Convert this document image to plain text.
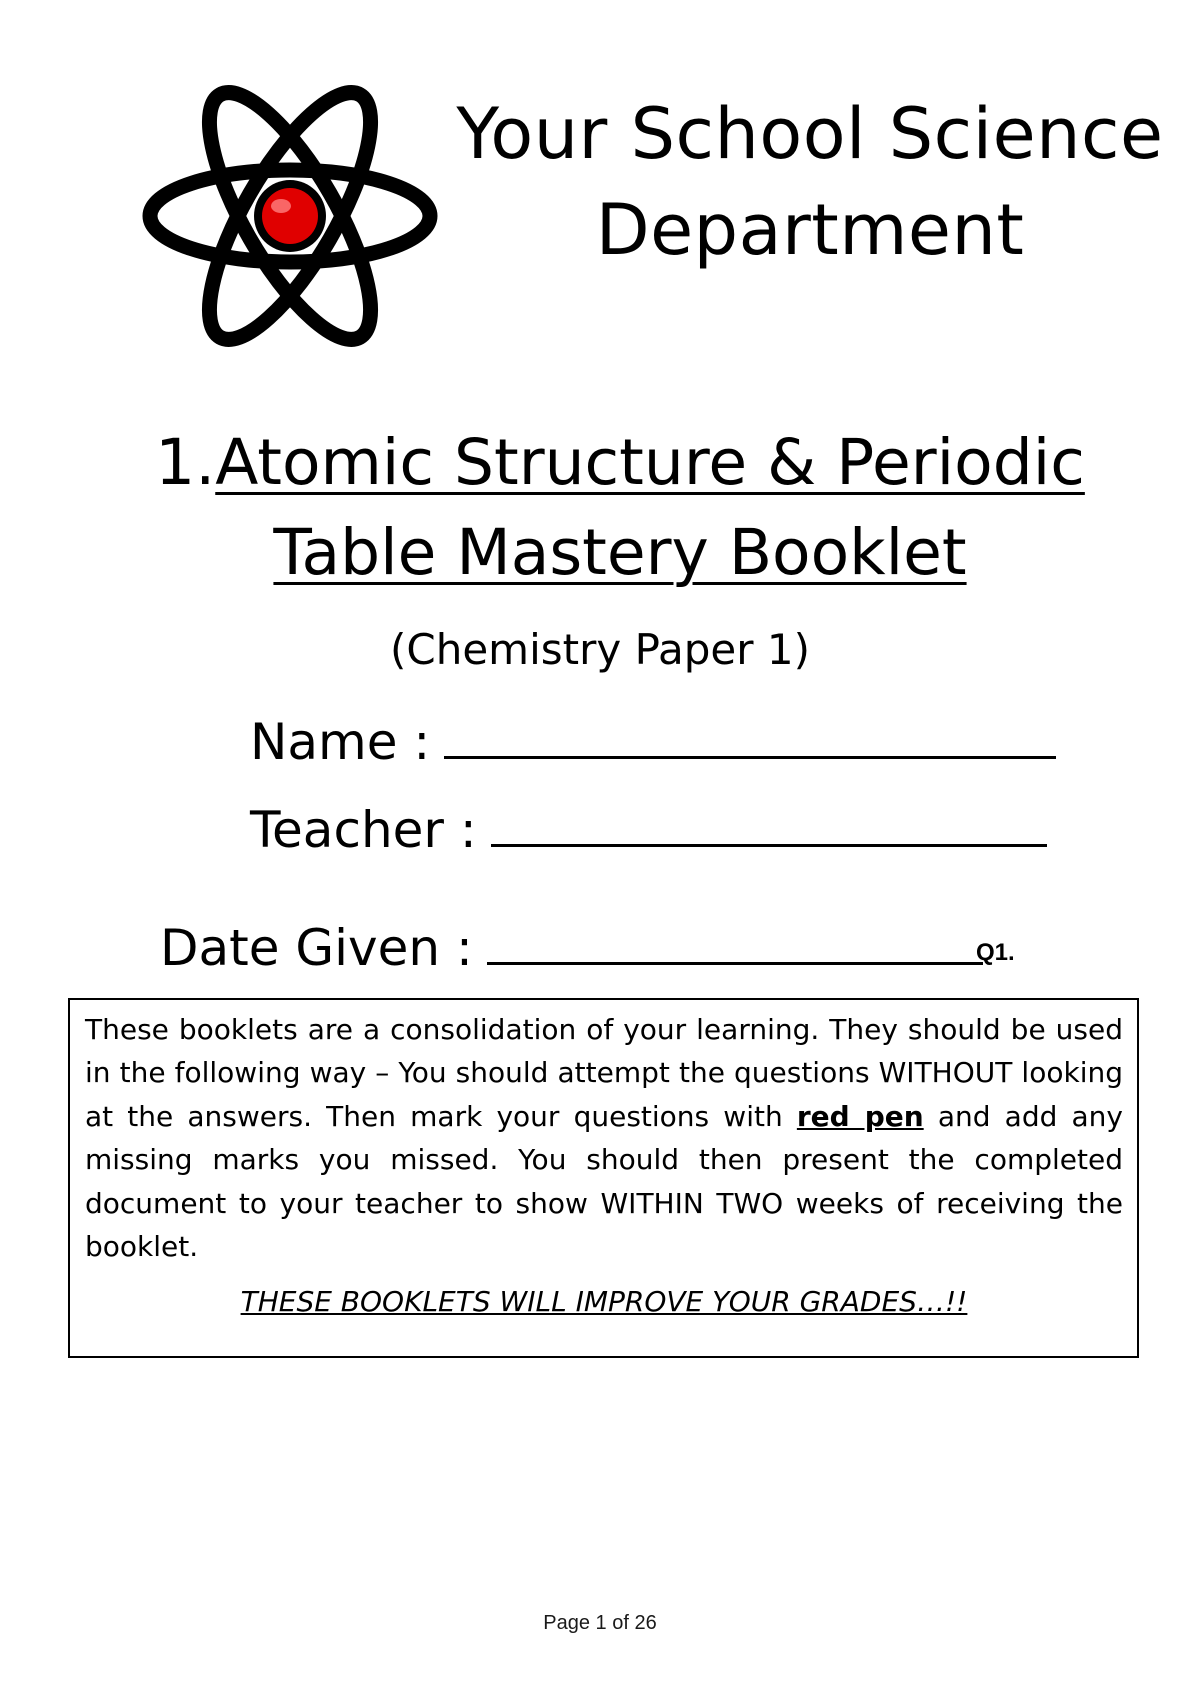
Your School Science
Department
1.Atomic Structure & Periodic
Table Mastery Booklet
(Chemistry Paper 1)
Name :
Teacher :
Date Given :	Q1.

These booklets are a consolidation of your learning. They should be used in the following way – You should attempt the questions WITHOUT looking at the answers. Then mark your questions with red pen and add any missing marks you missed. You should then present the completed document to your teacher to show WITHIN TWO weeks of receiving the booklet.

THESE BOOKLETS WILL IMPROVE YOUR GRADES…!!
Page 1 of 26
